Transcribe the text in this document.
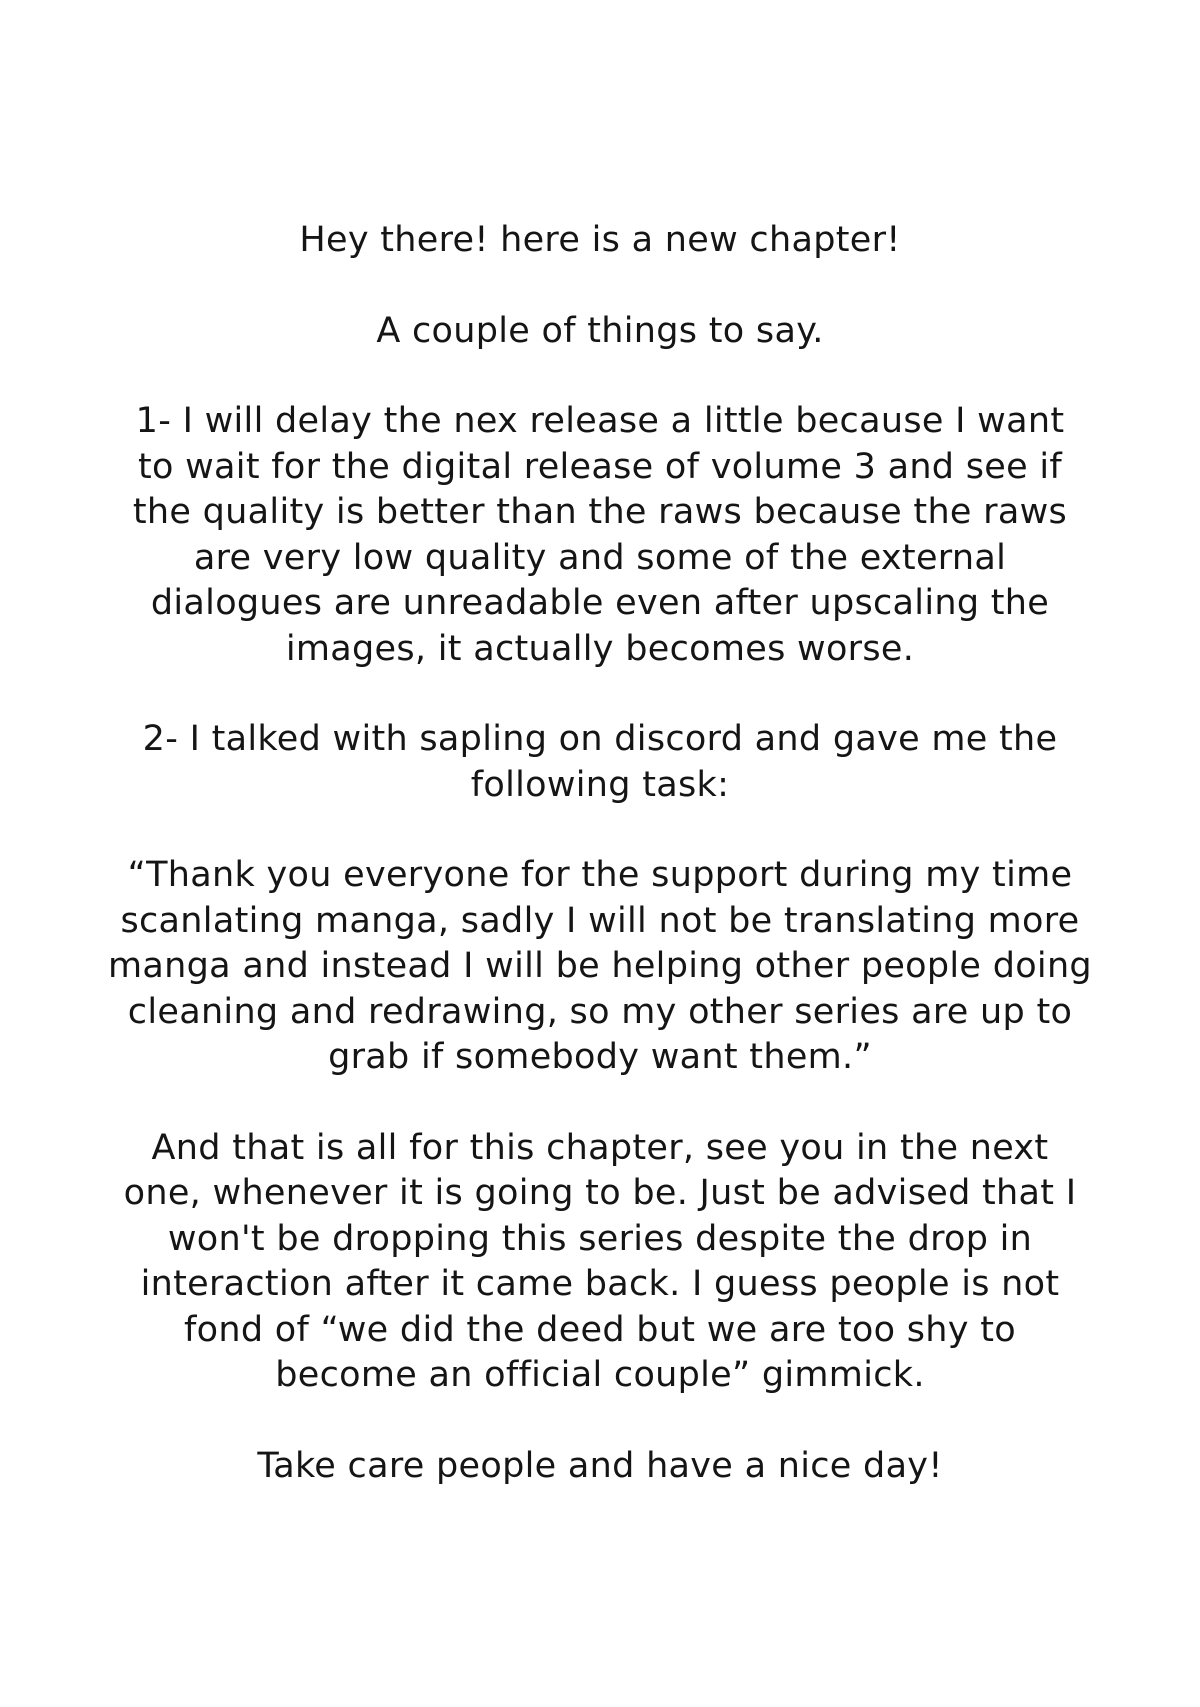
Hey there! here is a new chapter!

A couple of things to say.

1- I will delay the nex release a little because I want
to wait for the digital release of volume 3 and see if
the quality is better than the raws because the raws
are very low quality and some of the external
dialogues are unreadable even after upscaling the
images, it actually becomes worse.

2- I talked with sapling on discord and gave me the
following task:

“Thank you everyone for the support during my time
scanlating manga, sadly I will not be translating more
manga and instead I will be helping other people doing
cleaning and redrawing, so my other series are up to
grab if somebody want them.”

And that is all for this chapter, see you in the next
one, whenever it is going to be. Just be advised that I
won't be dropping this series despite the drop in
interaction after it came back. I guess people is not
fond of “we did the deed but we are too shy to
become an official couple” gimmick.

Take care people and have a nice day!
